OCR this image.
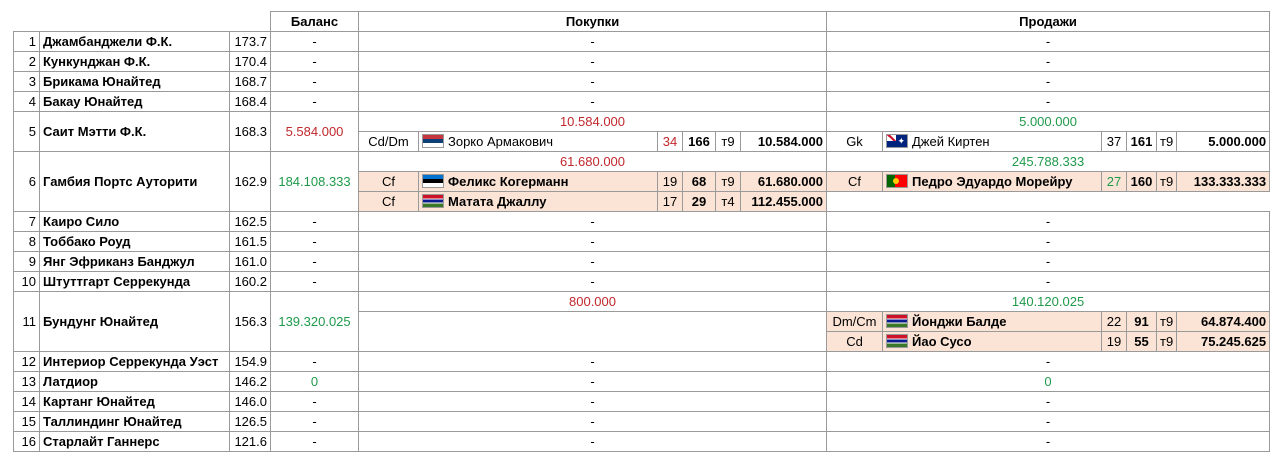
			Баланс	Покупки						Продажи					
1	Джамбанджели Ф.К.	173.7	-	-						-					
2	Кункунджан Ф.К.	170.4	-	-						-					
3	Брикама Юнайтед	168.7	-	-						-					
4	Бакау Юнайтед	168.4	-	-						-					
5	Саит Мэтти Ф.К.	168.3	5.584.000	10.584.000						5.000.000					
				Cd/Dm	Зорко Армакович	34	166	т9	10.584.000	Gk	✦Джей Киртен	37	161	т9	5.000.000
6	Гамбия Портс Ауторити	162.9	184.108.333	61.680.000						245.788.333					
				Cf	Феликс Когерманн	19	68	т9	61.680.000	Cf	Педро Эдуардо Морейру	27	160	т9	133.333.333
				Cf	Матата Джаллу	17	29	т4	112.455.000						
7	Каиро Сило	162.5	-	-						-					
8	Тоббако Роуд	161.5	-	-						-					
9	Янг Эфриканз Банджул	161.0	-	-						-					
10	Штуттгарт Серрекунда	160.2	-	-						-					
11	Бундунг Юнайтед	156.3	139.320.025	800.000						140.120.025					
										Dm/Cm	Йонджи Балде	22	91	т9	64.874.400
										Cd	Йао Сусо	19	55	т9	75.245.625
12	Интериор Серрекунда Уэст	154.9	-	-						-					
13	Латдиор	146.2	0	-						0					
14	Картанг Юнайтед	146.0	-	-						-					
15	Таллиндинг Юнайтед	126.5	-	-						-					
16	Старлайт Ганнерс	121.6	-	-						-					
